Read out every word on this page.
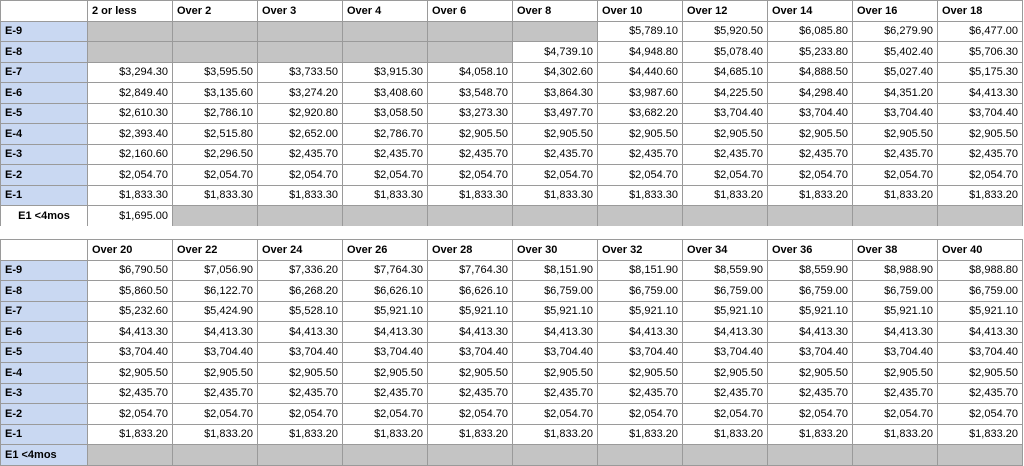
	2 or less	Over 2	Over 3	Over 4	Over 6	Over 8	Over 10	Over 12	Over 14	Over 16	Over 18
E-9							$5,789.10	$5,920.50	$6,085.80	$6,279.90	$6,477.00
E-8						$4,739.10	$4,948.80	$5,078.40	$5,233.80	$5,402.40	$5,706.30
E-7	$3,294.30	$3,595.50	$3,733.50	$3,915.30	$4,058.10	$4,302.60	$4,440.60	$4,685.10	$4,888.50	$5,027.40	$5,175.30
E-6	$2,849.40	$3,135.60	$3,274.20	$3,408.60	$3,548.70	$3,864.30	$3,987.60	$4,225.50	$4,298.40	$4,351.20	$4,413.30
E-5	$2,610.30	$2,786.10	$2,920.80	$3,058.50	$3,273.30	$3,497.70	$3,682.20	$3,704.40	$3,704.40	$3,704.40	$3,704.40
E-4	$2,393.40	$2,515.80	$2,652.00	$2,786.70	$2,905.50	$2,905.50	$2,905.50	$2,905.50	$2,905.50	$2,905.50	$2,905.50
E-3	$2,160.60	$2,296.50	$2,435.70	$2,435.70	$2,435.70	$2,435.70	$2,435.70	$2,435.70	$2,435.70	$2,435.70	$2,435.70
E-2	$2,054.70	$2,054.70	$2,054.70	$2,054.70	$2,054.70	$2,054.70	$2,054.70	$2,054.70	$2,054.70	$2,054.70	$2,054.70
E-1	$1,833.30	$1,833.30	$1,833.30	$1,833.30	$1,833.30	$1,833.30	$1,833.30	$1,833.20	$1,833.20	$1,833.20	$1,833.20
E1 <4mos	$1,695.00										
	Over 20	Over 22	Over 24	Over 26	Over 28	Over 30	Over 32	Over 34	Over 36	Over 38	Over 40
E-9	$6,790.50	$7,056.90	$7,336.20	$7,764.30	$7,764.30	$8,151.90	$8,151.90	$8,559.90	$8,559.90	$8,988.90	$8,988.80
E-8	$5,860.50	$6,122.70	$6,268.20	$6,626.10	$6,626.10	$6,759.00	$6,759.00	$6,759.00	$6,759.00	$6,759.00	$6,759.00
E-7	$5,232.60	$5,424.90	$5,528.10	$5,921.10	$5,921.10	$5,921.10	$5,921.10	$5,921.10	$5,921.10	$5,921.10	$5,921.10
E-6	$4,413.30	$4,413.30	$4,413.30	$4,413.30	$4,413.30	$4,413.30	$4,413.30	$4,413.30	$4,413.30	$4,413.30	$4,413.30
E-5	$3,704.40	$3,704.40	$3,704.40	$3,704.40	$3,704.40	$3,704.40	$3,704.40	$3,704.40	$3,704.40	$3,704.40	$3,704.40
E-4	$2,905.50	$2,905.50	$2,905.50	$2,905.50	$2,905.50	$2,905.50	$2,905.50	$2,905.50	$2,905.50	$2,905.50	$2,905.50
E-3	$2,435.70	$2,435.70	$2,435.70	$2,435.70	$2,435.70	$2,435.70	$2,435.70	$2,435.70	$2,435.70	$2,435.70	$2,435.70
E-2	$2,054.70	$2,054.70	$2,054.70	$2,054.70	$2,054.70	$2,054.70	$2,054.70	$2,054.70	$2,054.70	$2,054.70	$2,054.70
E-1	$1,833.20	$1,833.20	$1,833.20	$1,833.20	$1,833.20	$1,833.20	$1,833.20	$1,833.20	$1,833.20	$1,833.20	$1,833.20
E1 <4mos											
